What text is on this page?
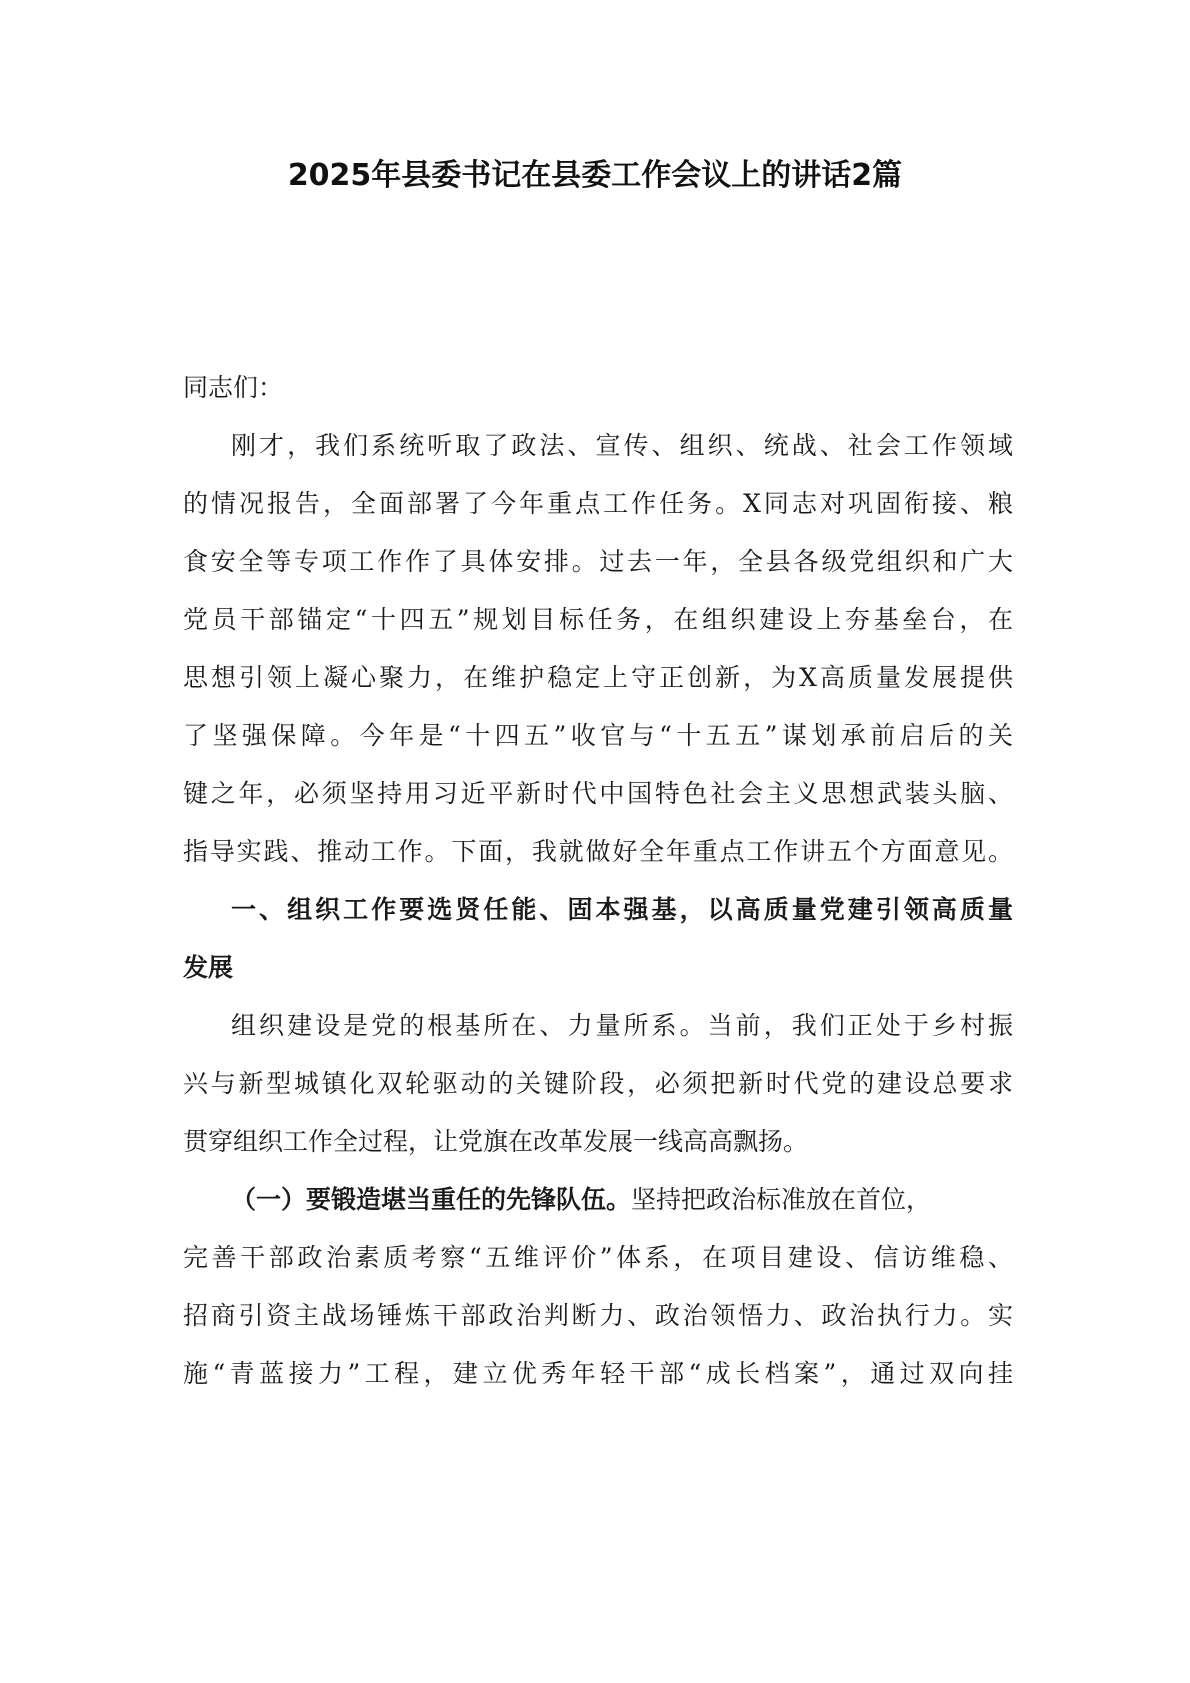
2025年县委书记在县委工作会议上的讲话2篇
同志们：
刚才，我们系统听取了政法、宣传、组织、统战、社会工作领域
的情况报告，全面部署了今年重点工作任务。X同志对巩固衔接、粮
食安全等专项工作作了具体安排。过去一年，全县各级党组织和广大
党员干部锚定“十四五”规划目标任务，在组织建设上夯基垒台，在
思想引领上凝心聚力，在维护稳定上守正创新，为X高质量发展提供
了坚强保障。今年是“十四五”收官与“十五五”谋划承前启后的关
键之年，必须坚持用习近平新时代中国特色社会主义思想武装头脑、
指导实践、推动工作。下面，我就做好全年重点工作讲五个方面意见。
一、组织工作要选贤任能、固本强基，以高质量党建引领高质量
发展
组织建设是党的根基所在、力量所系。当前，我们正处于乡村振
兴与新型城镇化双轮驱动的关键阶段，必须把新时代党的建设总要求
贯穿组织工作全过程，让党旗在改革发展一线高高飘扬。
（一）要锻造堪当重任的先锋队伍。坚持把政治标准放在首位，
完善干部政治素质考察“五维评价”体系，在项目建设、信访维稳、
招商引资主战场锤炼干部政治判断力、政治领悟力、政治执行力。实
施“青蓝接力”工程，建立优秀年轻干部“成长档案”，通过双向挂
